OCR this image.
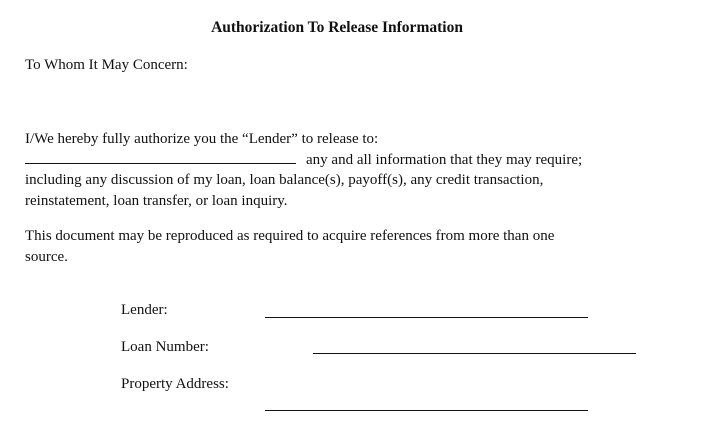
Authorization To Release Information
To Whom It May Concern:
I/We hereby fully authorize you the “Lender” to release to:
any and all information that they may require;
including any discussion of my loan, loan balance(s), payoff(s), any credit transaction,
reinstatement, loan transfer, or loan inquiry.
This document may be reproduced as required to acquire references from more than one
source.
Lender:
Loan Number:
Property Address:
